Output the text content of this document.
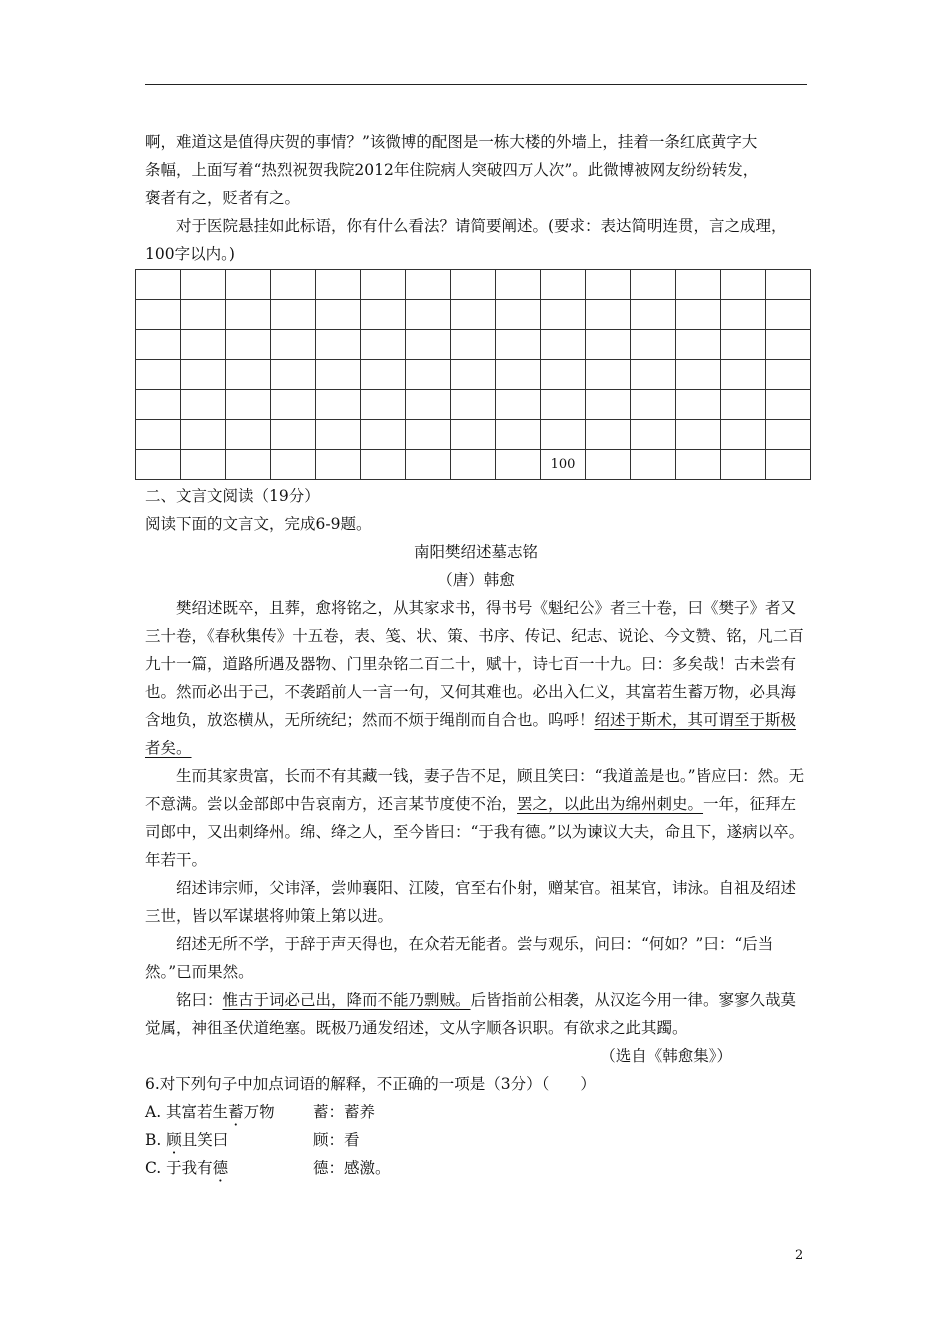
啊，难道这是值得庆贺的事情？”该微博的配图是一栋大楼的外墙上，挂着一条红底黄字大

条幅，上面写着“热烈祝贺我院2012年住院病人突破四万人次”。此微博被网友纷纷转发，

褒者有之，贬者有之。

对于医院悬挂如此标语，你有什么看法？请简要阐述。(要求：表达简明连贯，言之成理，100字以内。)

									100					

二、文言文阅读（19分）

阅读下面的文言文，完成6-9题。

南阳樊绍述墓志铭

（唐）韩愈

樊绍述既卒，且葬，愈将铭之，从其家求书，得书号《魁纪公》者三十卷，曰《樊子》者又三十卷，《春秋集传》十五卷，表、笺、状、策、书序、传记、纪志、说论、今文赞、铭，凡二百九十一篇，道路所遇及器物、门里杂铭二百二十，赋十，诗七百一十九。曰：多矣哉！古未尝有也。然而必出于己，不袭蹈前人一言一句，又何其难也。必出入仁义，其富若生蓄万物，必具海含地负，放恣横从，无所统纪；然而不烦于绳削而自合也。呜呼！绍述于斯术，其可谓至于斯极者矣。

生而其家贵富，长而不有其藏一钱，妻子告不足，顾且笑曰：“我道盖是也。”皆应曰：然。无不意满。尝以金部郎中告哀南方，还言某节度使不治，罢之，以此出为绵州刺史。一年，征拜左司郎中，又出刺绛州。绵、绛之人，至今皆曰：“于我有德。”以为谏议大夫，命且下，遂病以卒。年若干。

绍述讳宗师，父讳泽，尝帅襄阳、江陵，官至右仆射，赠某官。祖某官，讳泳。自祖及绍述三世，皆以军谋堪将帅策上第以进。

绍述无所不学，于辞于声天得也，在众若无能者。尝与观乐，问曰：“何如？”曰：“后当然。”已而果然。

铭曰：惟古于词必己出，降而不能乃剽贼。后皆指前公相袭，从汉迄今用一律。寥寥久哉莫觉属，神徂圣伏道绝塞。既极乃通发绍述，文从字顺各识职。有欲求之此其躅。

（选自《韩愈集》）

6.对下列句子中加点词语的解释，不正确的一项是（3分）（　　）

A. 其富若生蓄万物	蓄：蓄养
B. 顾且笑曰	顾：看
C. 于我有德	德：感激。
2
